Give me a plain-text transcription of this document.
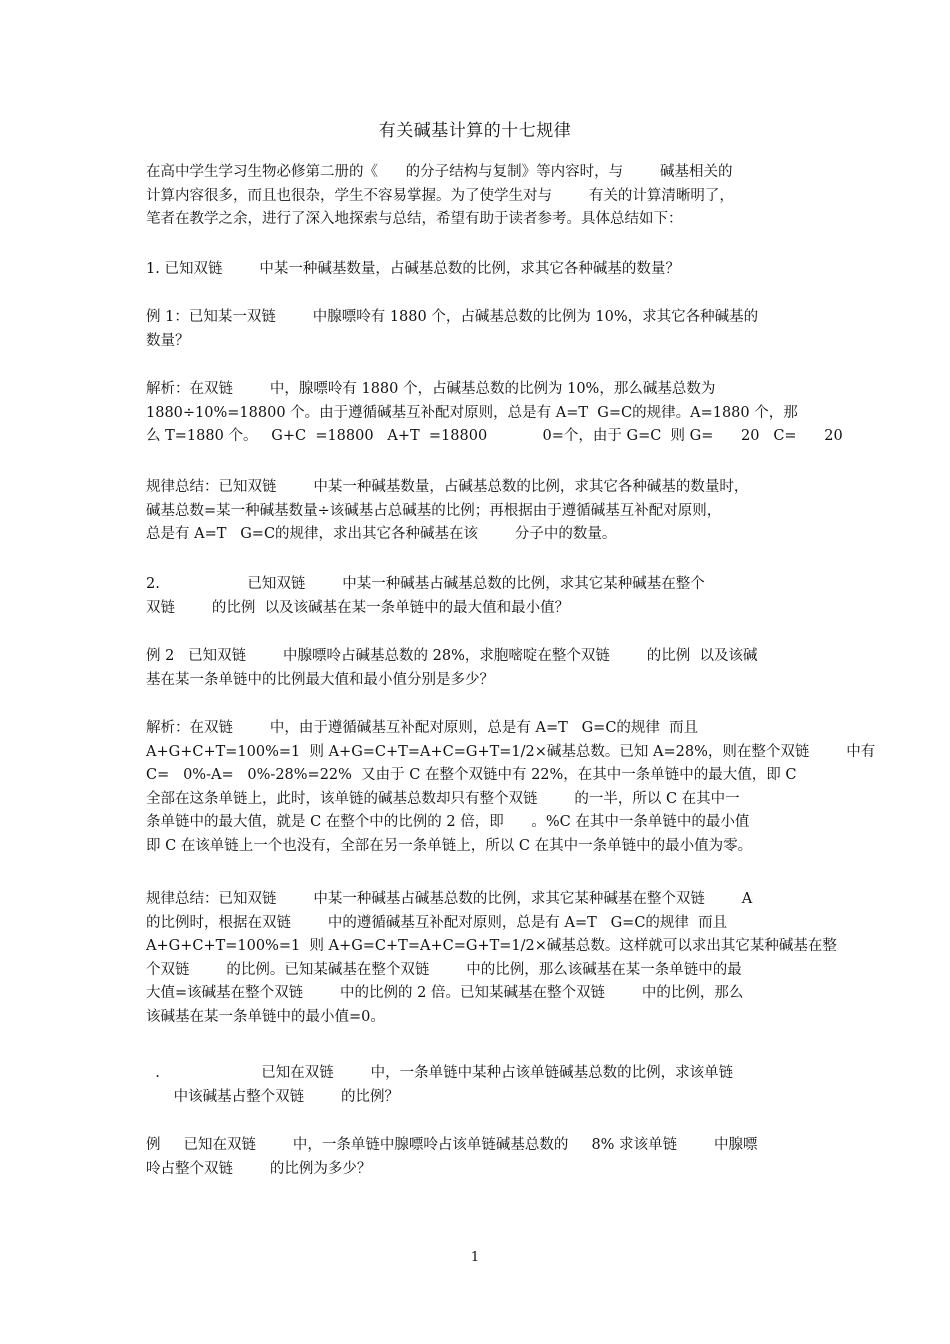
有关碱基计算的十七规律
在高中学生学习生物必修第二册的《      的分子结构与复制》等内容时，与        碱基相关的
计算内容很多，而且也很杂，学生不容易掌握。为了使学生对与        有关的计算清晰明了，
笔者在教学之余，进行了深入地探索与总结，希望有助于读者参考。具体总结如下：
1. 已知双链        中某一种碱基数量，占碱基总数的比例，求其它各种碱基的数量？
例 1：已知某一双链        中腺嘌呤有 1880 个，占碱基总数的比例为 10%，求其它各种碱基的
数量？
解析：在双链        中，腺嘌呤有 1880 个，占碱基总数的比例为 10%，那么碱基总数为
1880÷10%=18800 个。由于遵循碱基互补配对原则，总是有 A=T  G=C的规律。A=1880 个，那
么 T=1880 个。   G+C  =18800   A+T  =18800            0=个，由于 G=C  则 G=      20   C=      20
规律总结：已知双链        中某一种碱基数量，占碱基总数的比例，求其它各种碱基的数量时，
碱基总数=某一种碱基数量÷该碱基占总碱基的比例；再根据由于遵循碱基互补配对原则，
总是有 A=T   G=C的规律，求出其它各种碱基在该        分子中的数量。
2.                   已知双链        中某一种碱基占碱基总数的比例，求其它某种碱基在整个
双链        的比例  以及该碱基在某一条单链中的最大值和最小值？
例 2   已知双链        中腺嘌呤占碱基总数的 28%，求胞嘧啶在整个双链        的比例  以及该碱
基在某一条单链中的比例最大值和最小值分别是多少？
解析：在双链        中，由于遵循碱基互补配对原则，总是有 A=T   G=C的规律  而且
A+G+C+T=100%=1  则 A+G=C+T=A+C=G+T=1/2×碱基总数。已知 A=28%，则在整个双链        中有
C=   0%-A=   0%-28%=22%  又由于 C 在整个双链中有 22%，在其中一条单链中的最大值，即 C
全部在这条单链上，此时，该单链的碱基总数却只有整个双链        的一半，所以 C 在其中一
条单链中的最大值，就是 C 在整个中的比例的 2 倍，即      。%C 在其中一条单链中的最小值
即 C 在该单链上一个也没有，全部在另一条单链上，所以 C 在其中一条单链中的最小值为零。
规律总结：已知双链        中某一种碱基占碱基总数的比例，求其它某种碱基在整个双链        A
的比例时，根据在双链        中的遵循碱基互补配对原则，总是有 A=T   G=C的规律  而且
A+G+C+T=100%=1  则 A+G=C+T=A+C=G+T=1/2×碱基总数。这样就可以求出其它某种碱基在整
个双链        的比例。已知某碱基在整个双链        中的比例，那么该碱基在某一条单链中的最
大值=该碱基在整个双链        中的比例的 2 倍。已知某碱基在整个双链        中的比例，那么
该碱基在某一条单链中的最小值=0。
.                      已知在双链        中，一条单链中某种占该单链碱基总数的比例，求该单链
中该碱基占整个双链        的比例？
例     已知在双链        中，一条单链中腺嘌呤占该单链碱基总数的     8% 求该单链        中腺嘌
呤占整个双链        的比例为多少？
1
